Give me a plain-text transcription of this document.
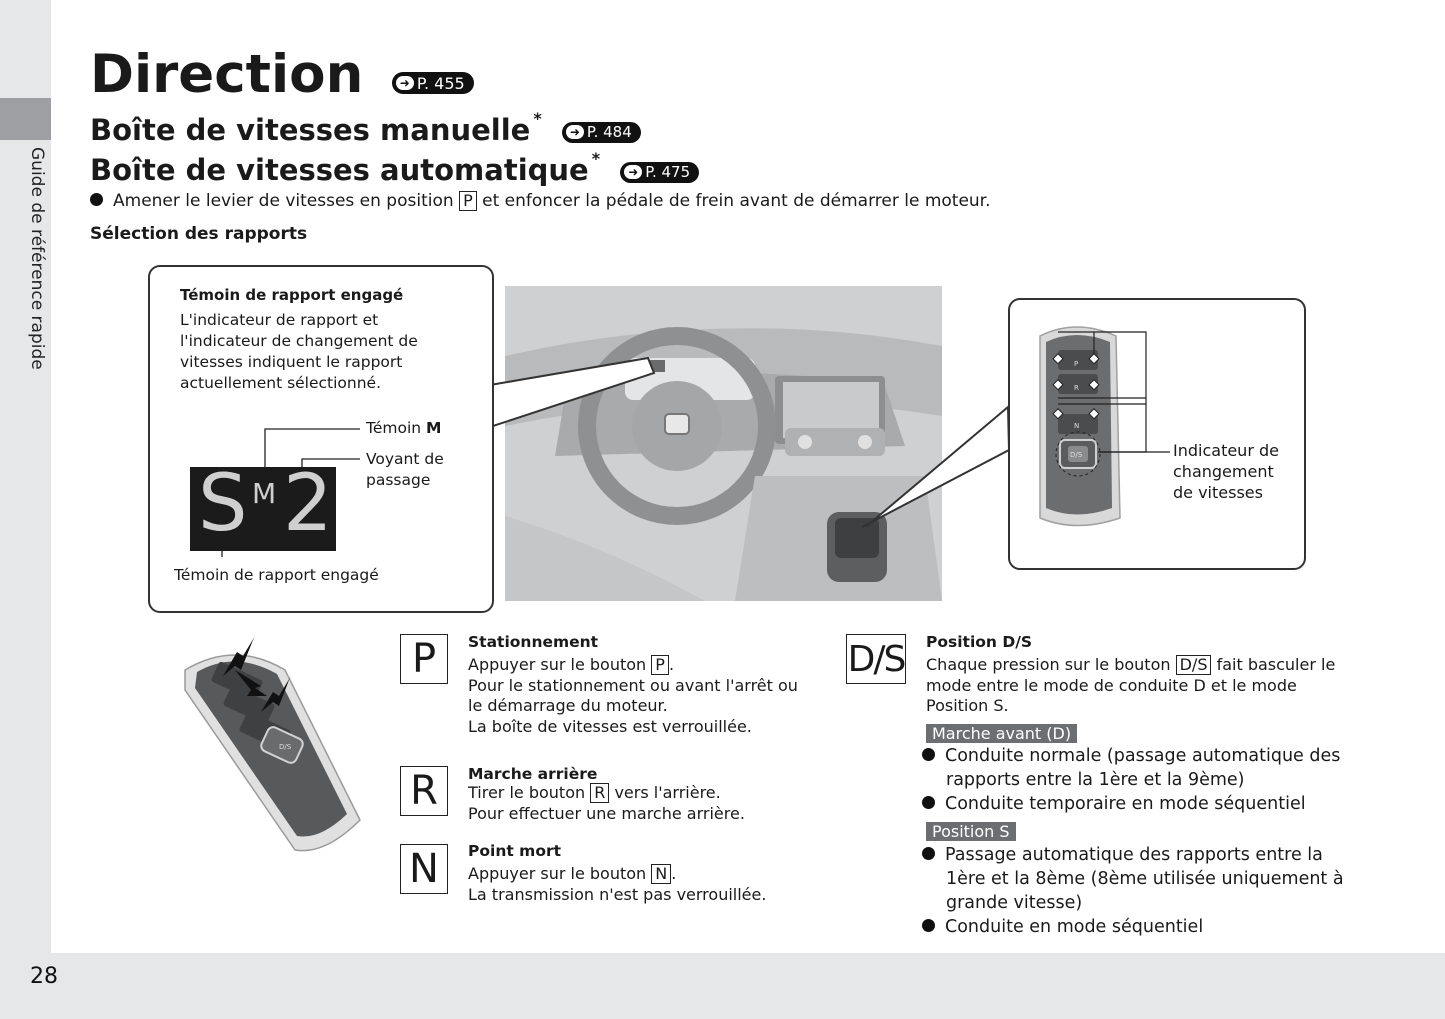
Guide de référence rapide
28
Direction	➜ P. 455
Boîte de vitesses manuelle *
➜ P. 484
Boîte de vitesses automatique *
➜ P. 475
Amener le levier de vitesses en position P et enfoncer la pédale de frein avant de démarrer le moteur.
Sélection des rapports
Témoin de rapport engagé
L'indicateur de rapport et
l'indicateur de changement de
vitesses indiquent le rapport
actuellement sélectionné.
Témoin M
Voyant de
passage
S M 2
Témoin de rapport engagé
P
R
N
D/S	Indicateur de
changement
de vitesses
D/S
P	Stationnement
Appuyer sur le bouton P .
Pour le stationnement ou avant l'arrêt ou
le démarrage du moteur.
La boîte de vitesses est verrouillée.
R	Marche arrière
Tirer le bouton R vers l'arrière.
Pour effectuer une marche arrière.
N	Point mort
Appuyer sur le bouton N .
La transmission n'est pas verrouillée.
D/S Position D/S
Chaque pression sur le bouton D/S fait basculer le
mode entre le mode de conduite D et le mode
Position S.
Marche avant (D)
Conduite normale (passage automatique des
rapports entre la 1ère et la 9ème)
Conduite temporaire en mode séquentiel
Position S
Passage automatique des rapports entre la
1ère et la 8ème (8ème utilisée uniquement à
grande vitesse)
Conduite en mode séquentiel
